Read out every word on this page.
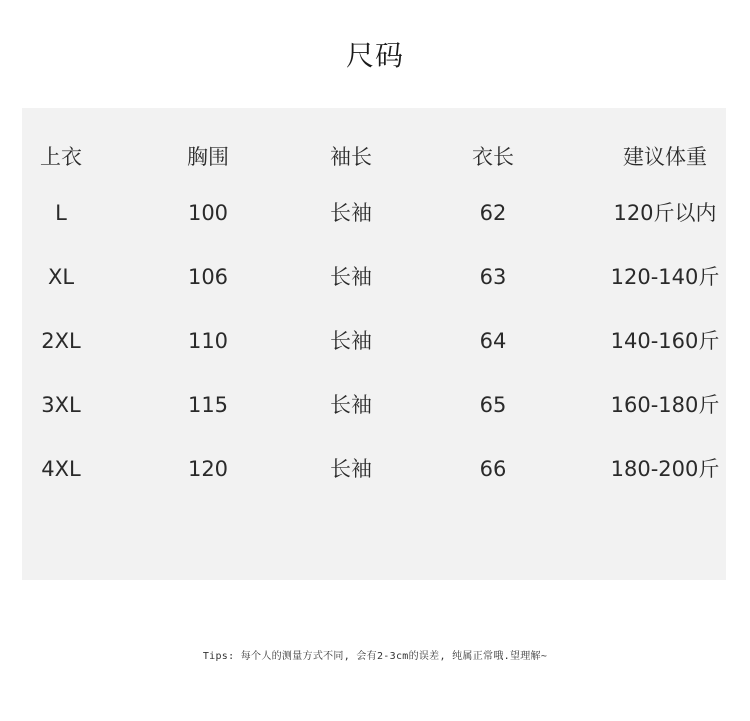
尺码
上衣	胸围	袖长	衣长	建议体重
L	100	长袖	62	120斤以内
XL	106	长袖	63	120-140斤
2XL	110	长袖	64	140-160斤
3XL	115	长袖	65	160-180斤
4XL	120	长袖	66	180-200斤
Tips: 每个人的测量方式不同, 会有2-3cm的误差, 纯属正常哦.望理解~
